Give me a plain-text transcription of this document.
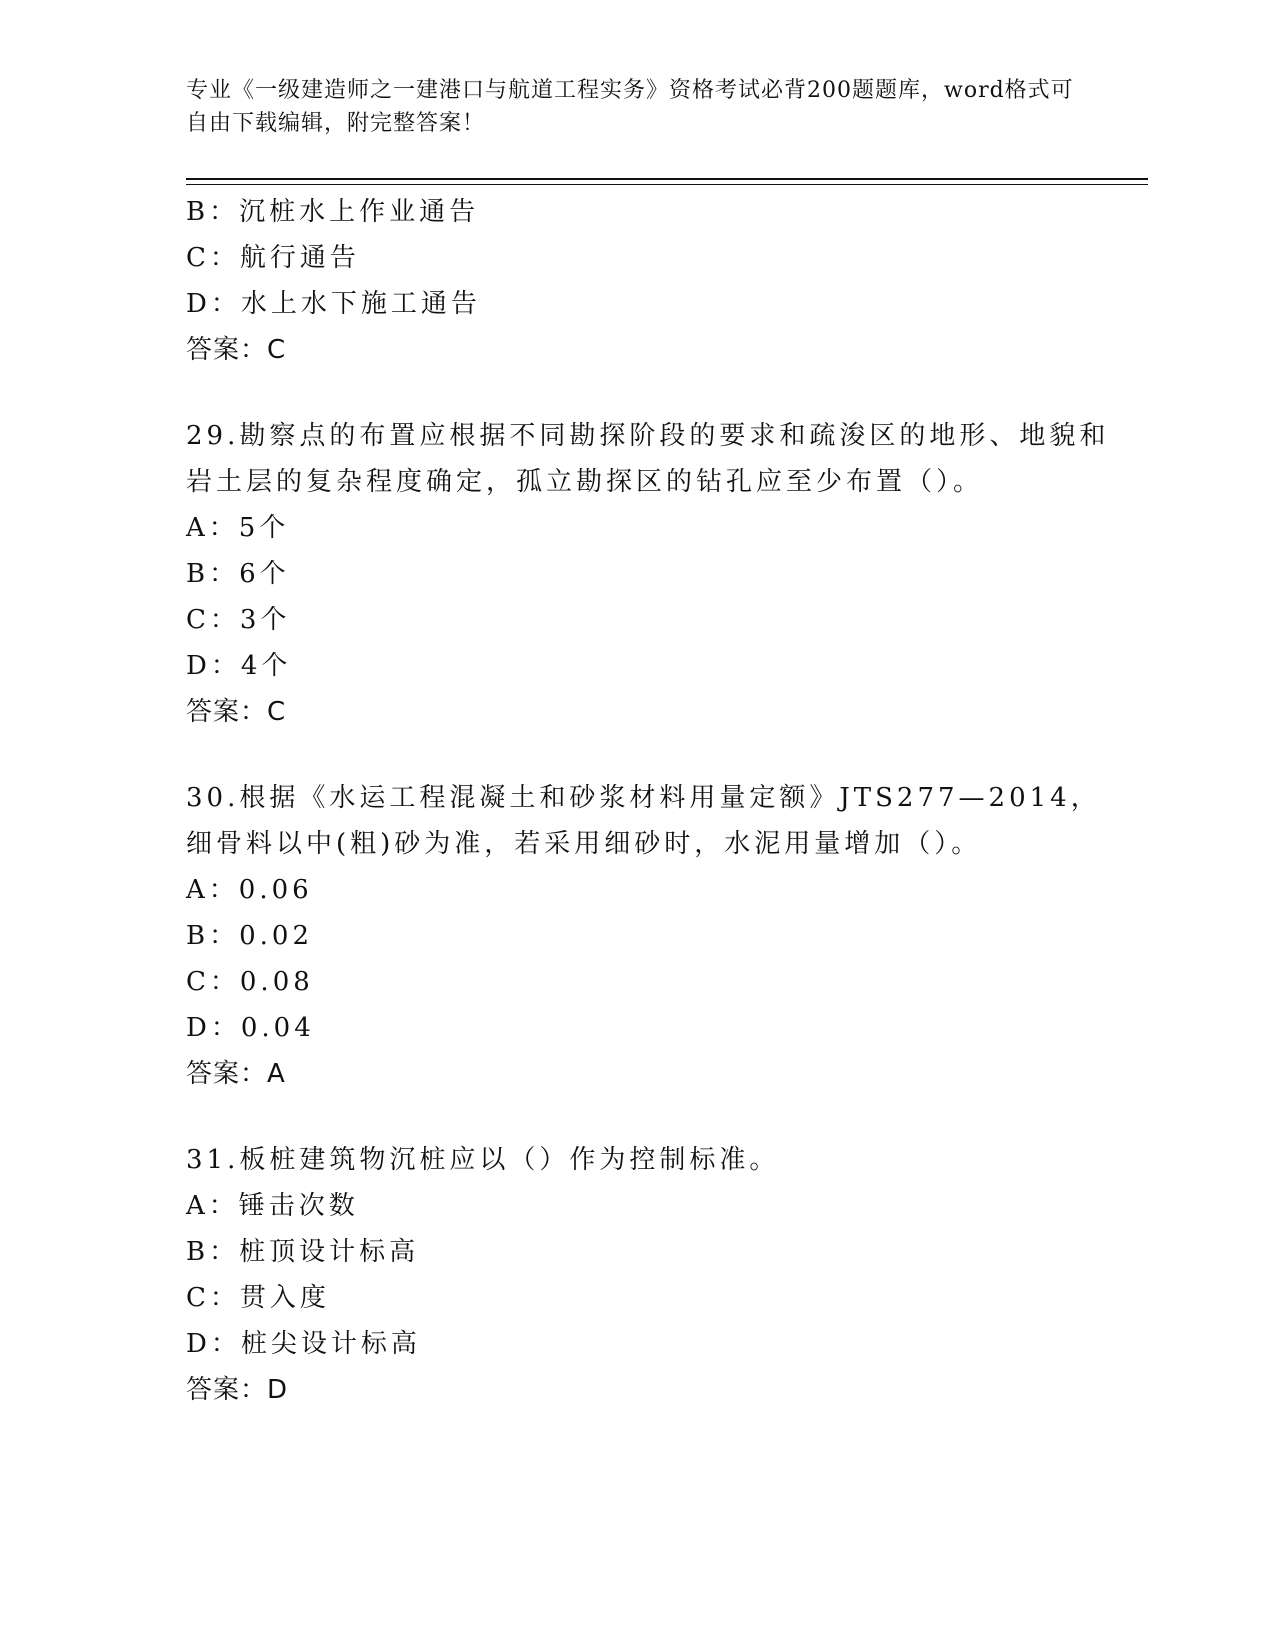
专业《一级建造师之一建港口与航道工程实务》资格考试必背200题题库，word格式可自由下载编辑，附完整答案！
B：沉桩水上作业通告
C：航行通告
D：水上水下施工通告
答案：C
29.勘察点的布置应根据不同勘探阶段的要求和疏浚区的地形、地貌和岩土层的复杂程度确定，孤立勘探区的钻孔应至少布置（）。
A：5个
B：6个
C：3个
D：4个
答案：C
30.根据《水运工程混凝土和砂浆材料用量定额》JTS277—2014，细骨料以中(粗)砂为准，若采用细砂时，水泥用量增加（）。
A：0.06
B：0.02
C：0.08
D：0.04
答案：A
31.板桩建筑物沉桩应以（）作为控制标准。
A：锤击次数
B：桩顶设计标高
C：贯入度
D：桩尖设计标高
答案：D
